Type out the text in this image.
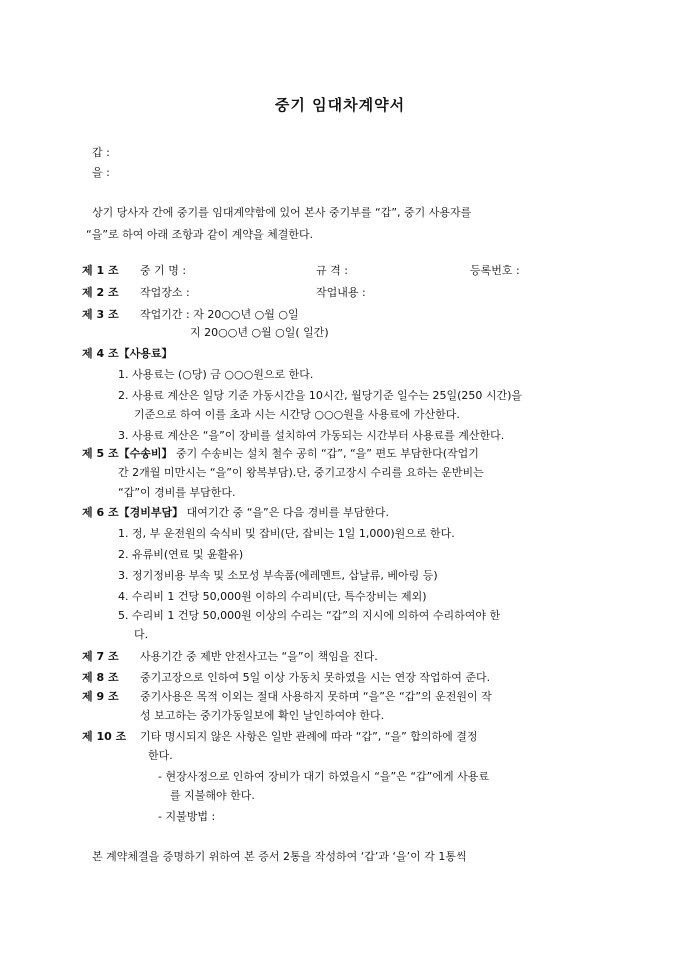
중기 임대차계약서
갑 :
을 :
상기 당사자 간에 중기를 임대계약함에 있어 본사 중기부를 “갑”, 중기 사용자를
“을”로 하여 아래 조항과 같이 계약을 체결한다.
제 1 조 중 기 명 :	규 격 :	등록번호 :
제 2 조 작업장소 :	작업내용 :
제 3 조 작업기간 : 자 20○○년 ○월 ○일
지 20○○년 ○월 ○일( 일간)
제 4 조【사용료】
1. 사용료는 (○당) 금 ○○○원으로 한다.
2. 사용료 계산은 일당 기준 가동시간을 10시간, 월당기준 일수는 25일(250 시간)을
기준으로 하여 이를 초과 시는 시간당 ○○○원을 사용료에 가산한다.
3. 사용료 계산은 “을”이 장비를 설치하여 가동되는 시간부터 사용료를 계산한다.
제 5 조【수송비】 중기 수송비는 설치 철수 공히 “갑”, “을” 편도 부담한다(작업기
간 2개월 미만시는 “을”이 왕복부담).단, 중기고장시 수리를 요하는 운반비는
“갑”이 경비를 부담한다.
제 6 조【경비부담】 대여기간 중 “을”은 다음 경비를 부담한다.
1. 정, 부 운전원의 숙식비 및 잡비(단, 잡비는 1일 1,000)원으로 한다.
2. 유류비(연료 및 윤활유)
3. 정기정비용 부속 및 소모성 부속품(에레멘트, 삽날류, 베아링 등)
4. 수리비 1 건당 50,000원 이하의 수리비(단, 특수장비는 제외)
5. 수리비 1 건당 50,000원 이상의 수리는 “갑”의 지시에 의하여 수리하여야 한
다.
제 7 조 사용기간 중 제반 안전사고는 “을”이 책임을 진다.
제 8 조 중기고장으로 인하여 5일 이상 가동치 못하였을 시는 연장 작업하여 준다.
제 9 조 중기사용은 목적 이외는 절대 사용하지 못하며 “을”은 “갑”의 운전원이 작
성 보고하는 중기가동일보에 확인 날인하여야 한다.
제 10 조 기타 명시되지 않은 사항은 일반 관례에 따라 “갑”, “을” 합의하에 결정
한다.
- 현장사정으로 인하여 장비가 대기 하였을시 “을”은 “갑”에게 사용료
를 지불해야 한다.
- 지불방법 :
본 계약체결을 증명하기 위하여 본 증서 2통을 작성하여 ‘갑’과 ‘을’이 각 1통씩
